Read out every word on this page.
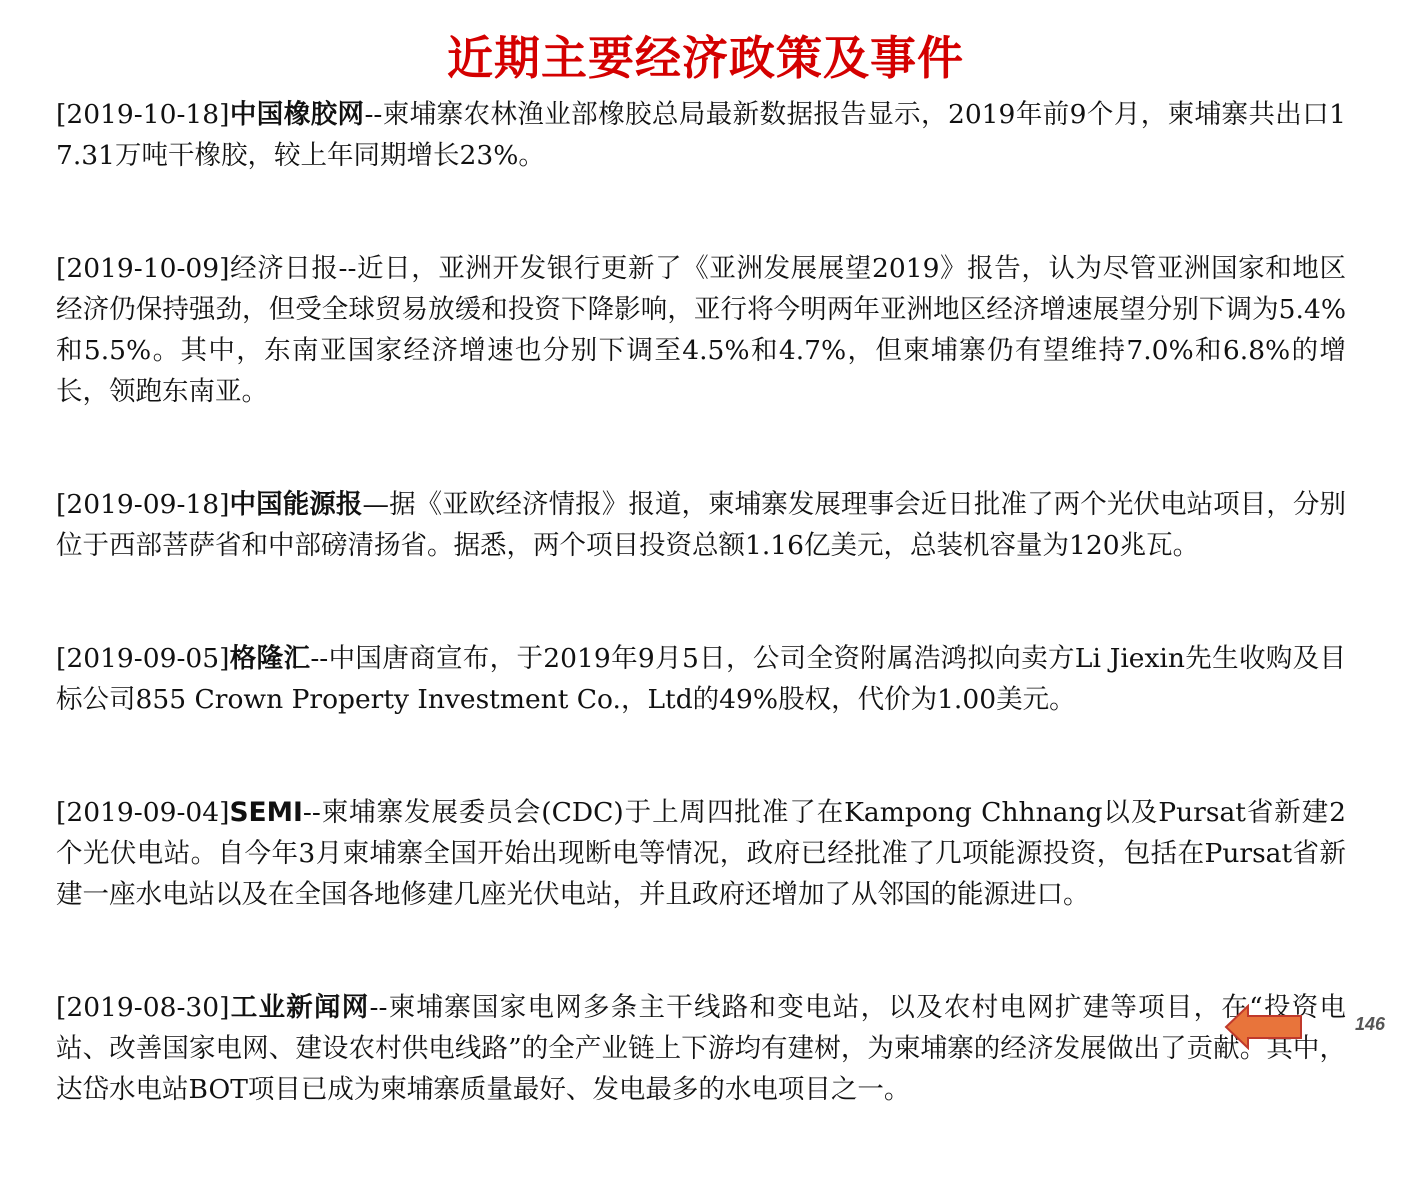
近期主要经济政策及事件

[2019-10-18]中国橡胶网--柬埔寨农林渔业部橡胶总局最新数据报告显示，2019年前9个月，柬埔寨共出口17.31万吨干橡胶，较上年同期增长23%。

[2019-10-09]经济日报--近日，亚洲开发银行更新了《亚洲发展展望2019》报告，认为尽管亚洲国家和地区经济仍保持强劲，但受全球贸易放缓和投资下降影响，亚行将今明两年亚洲地区经济增速展望分别下调为5.4%和5.5%。其中，东南亚国家经济增速也分别下调至4.5%和4.7%，但柬埔寨仍有望维持7.0%和6.8%的增长，领跑东南亚。

[2019-09-18]中国能源报—据《亚欧经济情报》报道，柬埔寨发展理事会近日批准了两个光伏电站项目，分别位于西部菩萨省和中部磅清扬省。据悉，两个项目投资总额1.16亿美元，总装机容量为120兆瓦。

[2019-09-05]格隆汇--中国唐商宣布，于2019年9月5日，公司全资附属浩鸿拟向卖方Li Jiexin先生收购及目标公司855 Crown Property Investment Co.，Ltd的49%股权，代价为1.00美元。

[2019-09-04]SEMI--柬埔寨发展委员会(CDC)于上周四批准了在Kampong Chhnang以及Pursat省新建2个光伏电站。自今年3月柬埔寨全国开始出现断电等情况，政府已经批准了几项能源投资，包括在Pursat省新建一座水电站以及在全国各地修建几座光伏电站，并且政府还增加了从邻国的能源进口。

[2019-08-30]工业新闻网--柬埔寨国家电网多条主干线路和变电站，以及农村电网扩建等项目，在“投资电站、改善国家电网、建设农村供电线路”的全产业链上下游均有建树，为柬埔寨的经济发展做出了贡献。其中，达岱水电站BOT项目已成为柬埔寨质量最好、发电最多的水电项目之一。

146
